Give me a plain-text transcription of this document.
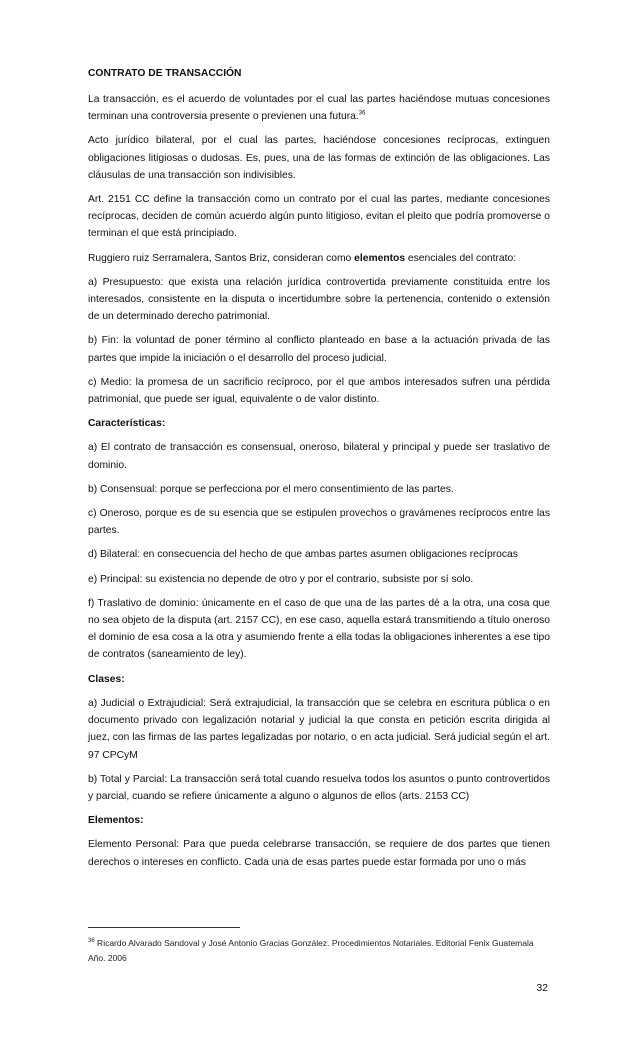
CONTRATO DE TRANSACCIÓN

La transacción, es el acuerdo de voluntades por el cual las partes haciéndose mutuas concesiones terminan una controversia presente o previenen una futura.$^{36}$

Acto jurídico bilateral, por el cual las partes, haciéndose concesiones recíprocas, extinguen obligaciones litigiosas o dudosas. Es, pues, una de las formas de extinción de las obligaciones. Las cláusulas de una transacción son indivisibles.

Art. 2151 CC define la transacción como un contrato por el cual las partes, mediante concesiones recíprocas, deciden de común acuerdo algún punto litigioso, evitan el pleito que podría promoverse o terminan el que está principiado.

Ruggiero ruiz Serramalera, Santos Briz, consideran como elementos esenciales del contrato:

a) Presupuesto: que exista una relación jurídica controvertida previamente constituida entre los interesados, consistente en la disputa o incertidumbre sobre la pertenencia, contenido o extensión de un determinado derecho patrimonial.

b) Fin: la voluntad de poner término al conflicto planteado en base a la actuación privada de las partes que impide la iniciación o el desarrollo del proceso judicial.

c) Medio: la promesa de un sacrificio recíproco, por el que ambos interesados sufren una pérdida patrimonial, que puede ser igual, equivalente o de valor distinto.

Características:

a) El contrato de transacción es consensual, oneroso, bilateral y principal y puede ser traslativo de dominio.

b) Consensual: porque se perfecciona por el mero consentimiento de las partes.

c) Oneroso, porque es de su esencia que se estipulen provechos o gravámenes recíprocos entre las partes.

d) Bilateral: en consecuencia del hecho de que ambas partes asumen obligaciones recíprocas

e) Principal: su existencia no depende de otro y por el contrario, subsiste por sí solo.

f) Traslativo de dominio: únicamente en el caso de que una de las partes dé a la otra, una cosa que no sea objeto de la disputa (art. 2157 CC), en ese caso, aquella estará transmitiendo a título oneroso el dominio de esa cosa a la otra y asumiendo frente a ella todas la obligaciones inherentes a ese tipo de contratos (saneamiento de ley).

Clases:

a) Judicial o Extrajudicial: Será extrajudicial, la transacción que se celebra en escritura pública o en documento privado con legalización notarial y judicial la que consta en petición escrita dirigida al juez, con las firmas de las partes legalizadas por notario, o en acta judicial. Será judicial según el art. 97 CPCyM

b) Total y Parcial: La transacción será total cuando resuelva todos los asuntos o punto controvertidos y parcial, cuando se refiere únicamente a alguno o algunos de ellos (arts. 2153 CC)

Elementos:

Elemento Personal: Para que pueda celebrarse transacción, se requiere de dos partes que tienen derechos o intereses en conflicto. Cada una de esas partes puede estar formada por uno o más

$^{36}$ Ricardo Alvarado Sandoval y José Antonio Gracias González. Procedimientos Notariales. Editorial Fenix Guatemala Año. 2006
32
